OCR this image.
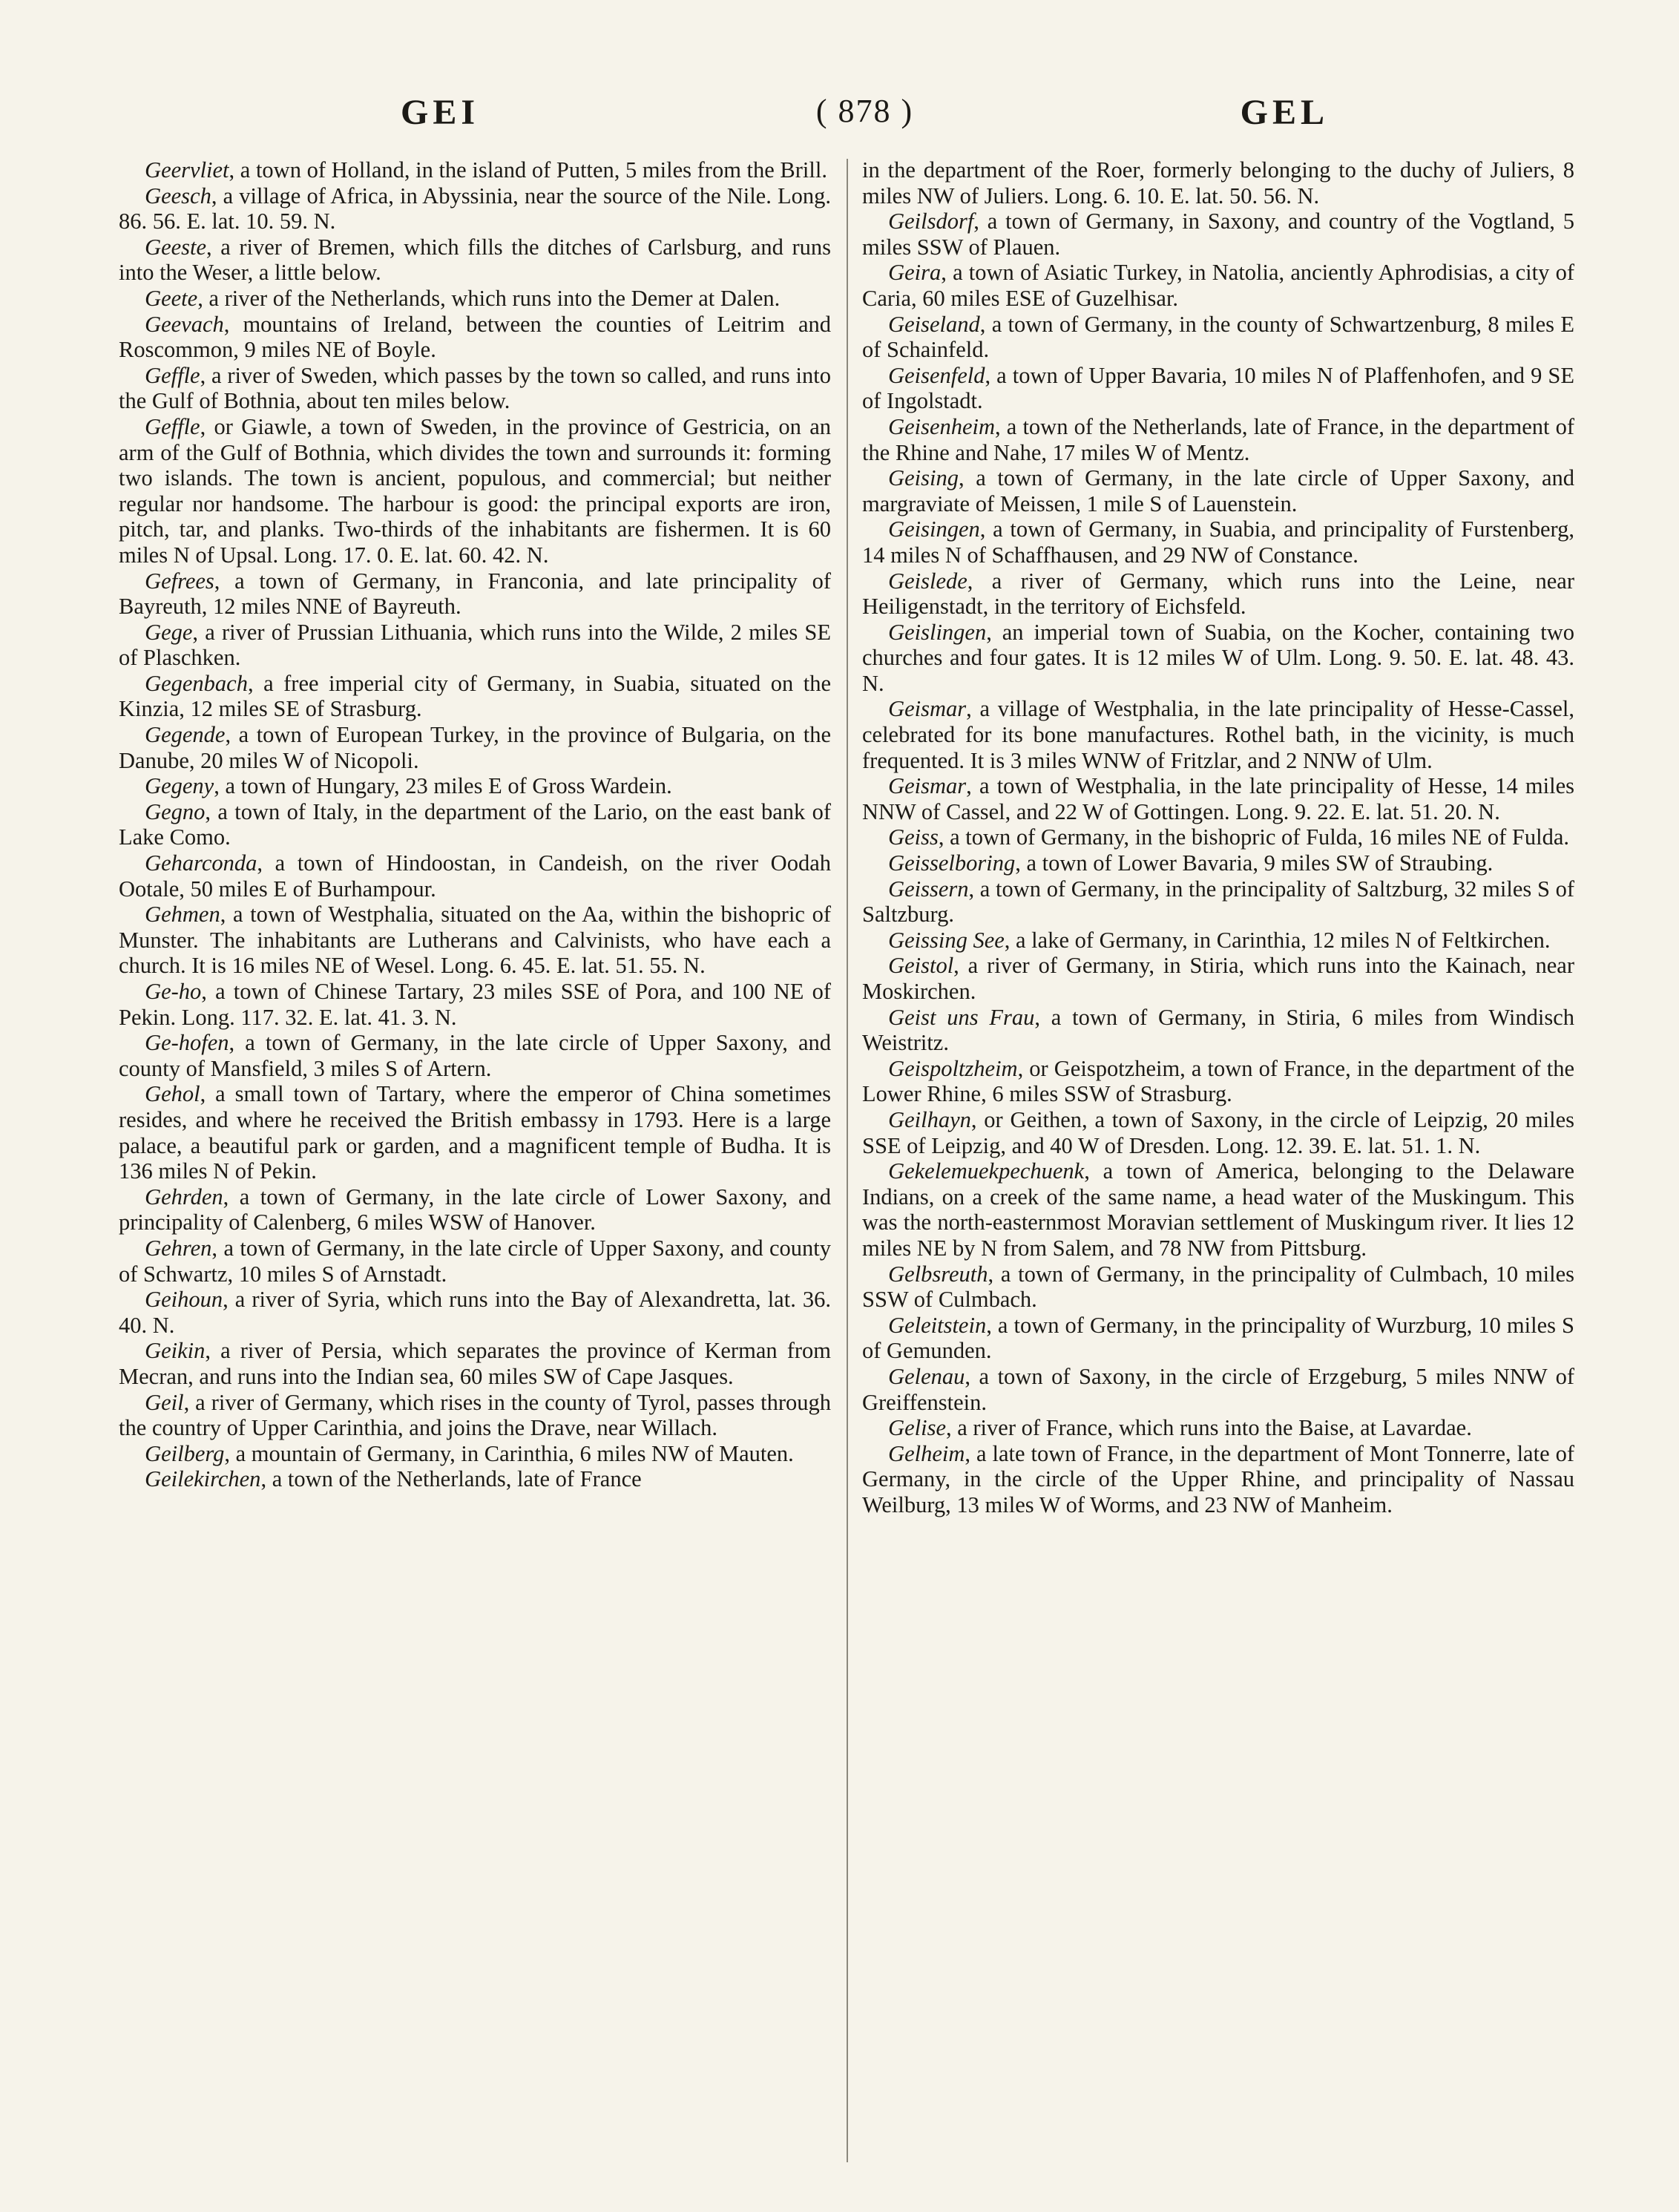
GEI	( 878 )	GEL

Geervliet, a town of Holland, in the island of Putten, 5 miles from the Brill.

Geesch, a village of Africa, in Abyssinia, near the source of the Nile. Long. 86. 56. E. lat. 10. 59. N.

Geeste, a river of Bremen, which fills the ditches of Carlsburg, and runs into the Weser, a little below.

Geete, a river of the Netherlands, which runs into the Demer at Dalen.

Geevach, mountains of Ireland, between the counties of Leitrim and Roscommon, 9 miles NE of Boyle.

Geffle, a river of Sweden, which passes by the town so called, and runs into the Gulf of Bothnia, about ten miles below.

Geffle, or Giawle, a town of Sweden, in the province of Gestricia, on an arm of the Gulf of Bothnia, which divides the town and surrounds it: forming two islands. The town is ancient, populous, and commercial; but neither regular nor handsome. The harbour is good: the principal exports are iron, pitch, tar, and planks. Two-thirds of the inhabitants are fishermen. It is 60 miles N of Upsal. Long. 17. 0. E. lat. 60. 42. N.

Gefrees, a town of Germany, in Franconia, and late principality of Bayreuth, 12 miles NNE of Bayreuth.

Gege, a river of Prussian Lithuania, which runs into the Wilde, 2 miles SE of Plaschken.

Gegenbach, a free imperial city of Germany, in Suabia, situated on the Kinzia, 12 miles SE of Strasburg.

Gegende, a town of European Turkey, in the province of Bulgaria, on the Danube, 20 miles W of Nicopoli.

Gegeny, a town of Hungary, 23 miles E of Gross Wardein.

Gegno, a town of Italy, in the department of the Lario, on the east bank of Lake Como.

Geharconda, a town of Hindoostan, in Candeish, on the river Oodah Ootale, 50 miles E of Burhampour.

Gehmen, a town of Westphalia, situated on the Aa, within the bishopric of Munster. The inhabitants are Lutherans and Calvinists, who have each a church. It is 16 miles NE of Wesel. Long. 6. 45. E. lat. 51. 55. N.

Ge-ho, a town of Chinese Tartary, 23 miles SSE of Pora, and 100 NE of Pekin. Long. 117. 32. E. lat. 41. 3. N.

Ge-hofen, a town of Germany, in the late circle of Upper Saxony, and county of Mansfield, 3 miles S of Artern.

Gehol, a small town of Tartary, where the emperor of China sometimes resides, and where he received the British embassy in 1793. Here is a large palace, a beautiful park or garden, and a magnificent temple of Budha. It is 136 miles N of Pekin.

Gehrden, a town of Germany, in the late circle of Lower Saxony, and principality of Calenberg, 6 miles WSW of Hanover.

Gehren, a town of Germany, in the late circle of Upper Saxony, and county of Schwartz, 10 miles S of Arnstadt.

Geihoun, a river of Syria, which runs into the Bay of Alexandretta, lat. 36. 40. N.

Geikin, a river of Persia, which separates the province of Kerman from Mecran, and runs into the Indian sea, 60 miles SW of Cape Jasques.

Geil, a river of Germany, which rises in the county of Tyrol, passes through the country of Upper Carinthia, and joins the Drave, near Willach.

Geilberg, a mountain of Germany, in Carinthia, 6 miles NW of Mauten.

Geilekirchen, a town of the Netherlands, late of France

in the department of the Roer, formerly belonging to the duchy of Juliers, 8 miles NW of Juliers. Long. 6. 10. E. lat. 50. 56. N.

Geilsdorf, a town of Germany, in Saxony, and country of the Vogtland, 5 miles SSW of Plauen.

Geira, a town of Asiatic Turkey, in Natolia, anciently Aphrodisias, a city of Caria, 60 miles ESE of Guzelhisar.

Geiseland, a town of Germany, in the county of Schwartzenburg, 8 miles E of Schainfeld.

Geisenfeld, a town of Upper Bavaria, 10 miles N of Plaffenhofen, and 9 SE of Ingolstadt.

Geisenheim, a town of the Netherlands, late of France, in the department of the Rhine and Nahe, 17 miles W of Mentz.

Geising, a town of Germany, in the late circle of Upper Saxony, and margraviate of Meissen, 1 mile S of Lauenstein.

Geisingen, a town of Germany, in Suabia, and principality of Furstenberg, 14 miles N of Schaffhausen, and 29 NW of Constance.

Geislede, a river of Germany, which runs into the Leine, near Heiligenstadt, in the territory of Eichsfeld.

Geislingen, an imperial town of Suabia, on the Kocher, containing two churches and four gates. It is 12 miles W of Ulm. Long. 9. 50. E. lat. 48. 43. N.

Geismar, a village of Westphalia, in the late principality of Hesse-Cassel, celebrated for its bone manufactures. Rothel bath, in the vicinity, is much frequented. It is 3 miles WNW of Fritzlar, and 2 NNW of Ulm.

Geismar, a town of Westphalia, in the late principality of Hesse, 14 miles NNW of Cassel, and 22 W of Gottingen. Long. 9. 22. E. lat. 51. 20. N.

Geiss, a town of Germany, in the bishopric of Fulda, 16 miles NE of Fulda.

Geisselboring, a town of Lower Bavaria, 9 miles SW of Straubing.

Geissern, a town of Germany, in the principality of Saltzburg, 32 miles S of Saltzburg.

Geissing See, a lake of Germany, in Carinthia, 12 miles N of Feltkirchen.

Geistol, a river of Germany, in Stiria, which runs into the Kainach, near Moskirchen.

Geist uns Frau, a town of Germany, in Stiria, 6 miles from Windisch Weistritz.

Geispoltzheim, or Geispotzheim, a town of France, in the department of the Lower Rhine, 6 miles SSW of Strasburg.

Geilhayn, or Geithen, a town of Saxony, in the circle of Leipzig, 20 miles SSE of Leipzig, and 40 W of Dresden. Long. 12. 39. E. lat. 51. 1. N.

Gekelemuekpechuenk, a town of America, belonging to the Delaware Indians, on a creek of the same name, a head water of the Muskingum. This was the north-easternmost Moravian settlement of Muskingum river. It lies 12 miles NE by N from Salem, and 78 NW from Pittsburg.

Gelbsreuth, a town of Germany, in the principality of Culmbach, 10 miles SSW of Culmbach.

Geleitstein, a town of Germany, in the principality of Wurzburg, 10 miles S of Gemunden.

Gelenau, a town of Saxony, in the circle of Erzgeburg, 5 miles NNW of Greiffenstein.

Gelise, a river of France, which runs into the Baise, at Lavardae.

Gelheim, a late town of France, in the department of Mont Tonnerre, late of Germany, in the circle of the Upper Rhine, and principality of Nassau Weilburg, 13 miles W of Worms, and 23 NW of Manheim.
